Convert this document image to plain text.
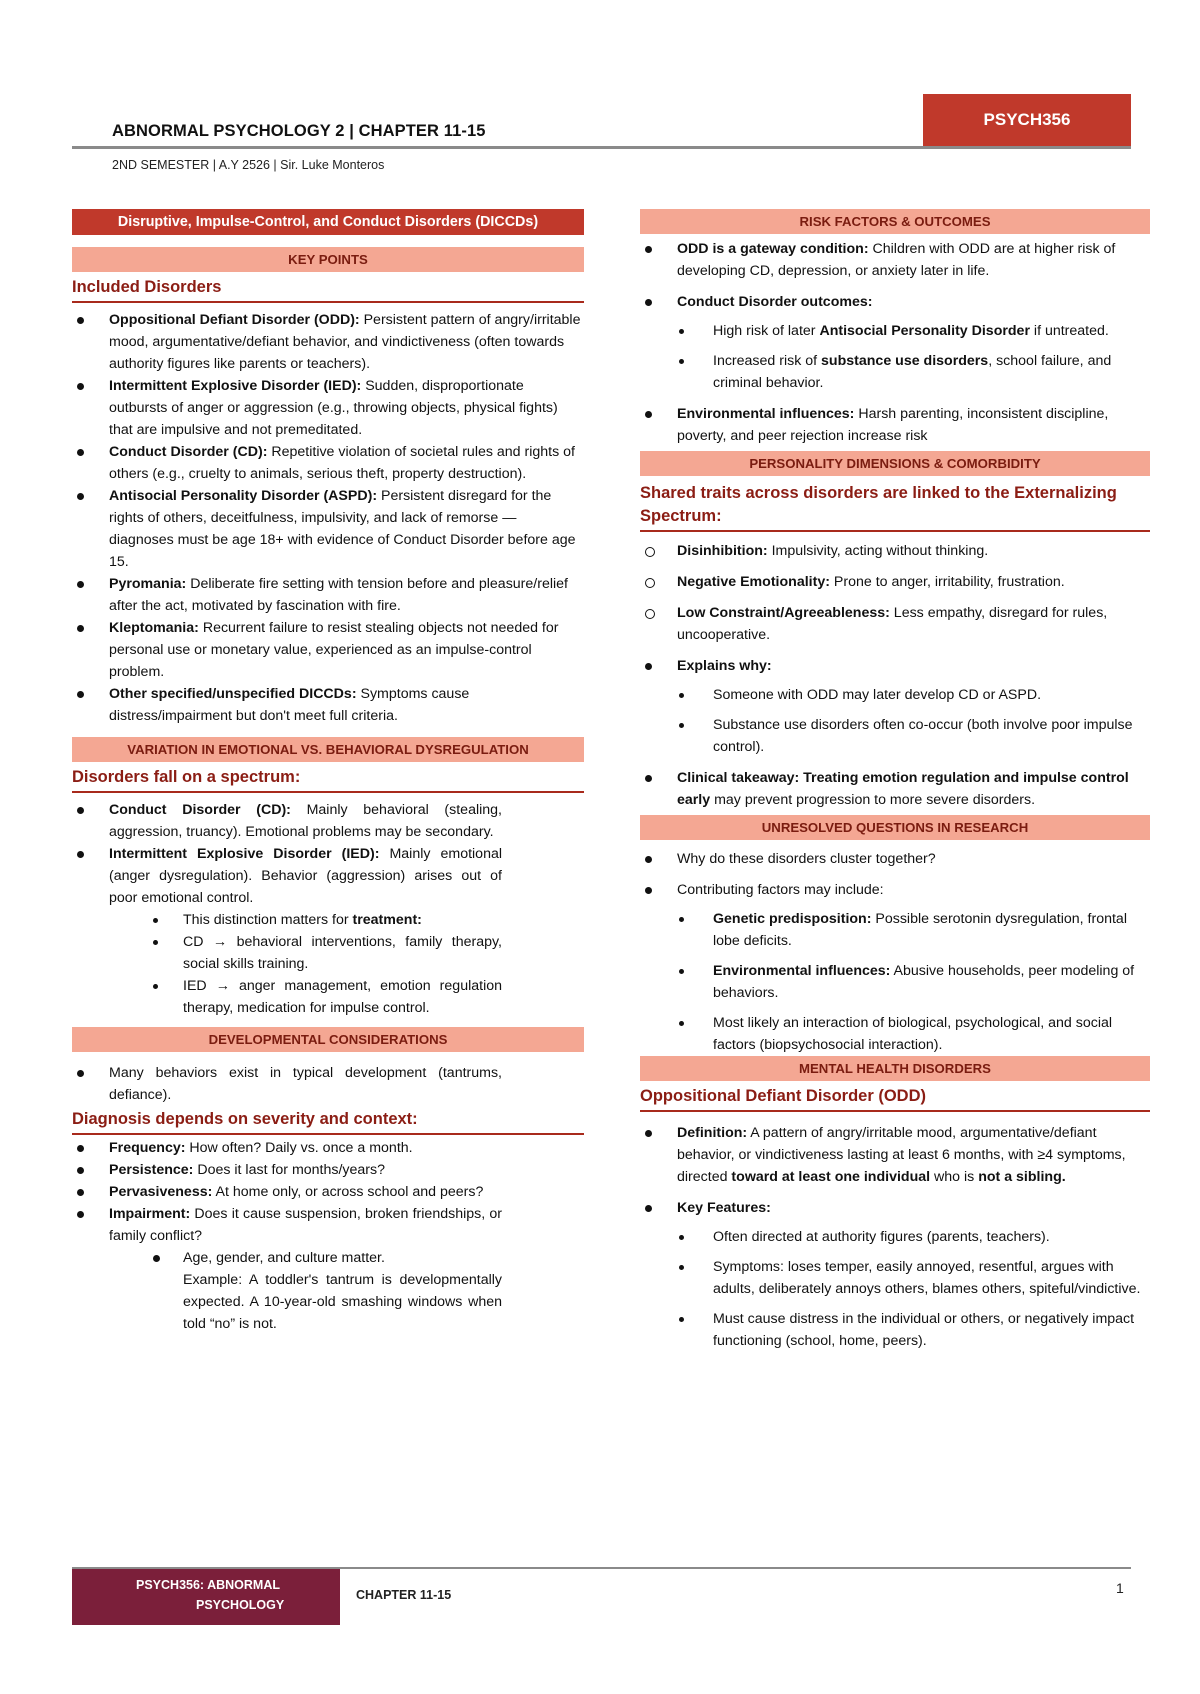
PSYCH356
ABNORMAL PSYCHOLOGY 2 | CHAPTER 11-15
2ND SEMESTER | A.Y 2526 | Sir. Luke Monteros
Disruptive, Impulse-Control, and Conduct Disorders (DICCDs)
KEY POINTS
Included Disorders
Oppositional Defiant Disorder (ODD): Persistent pattern of angry/irritable mood, argumentative/defiant behavior, and vindictiveness (often towards authority figures like parents or teachers).
Intermittent Explosive Disorder (IED): Sudden, disproportionate outbursts of anger or aggression (e.g., throwing objects, physical fights) that are impulsive and not premeditated.
Conduct Disorder (CD): Repetitive violation of societal rules and rights of others (e.g., cruelty to animals, serious theft, property destruction).
Antisocial Personality Disorder (ASPD): Persistent disregard for the rights of others, deceitfulness, impulsivity, and lack of remorse — diagnoses must be age 18+ with evidence of Conduct Disorder before age 15.
Pyromania: Deliberate fire setting with tension before and pleasure/relief after the act, motivated by fascination with fire.
Kleptomania: Recurrent failure to resist stealing objects not needed for personal use or monetary value, experienced as an impulse-control problem.
Other specified/unspecified DICCDs: Symptoms cause distress/impairment but don't meet full criteria.
VARIATION IN EMOTIONAL VS. BEHAVIORAL DYSREGULATION
Disorders fall on a spectrum:
Conduct Disorder (CD): Mainly behavioral (stealing, aggression, truancy). Emotional problems may be secondary.
Intermittent Explosive Disorder (IED): Mainly emotional (anger dysregulation). Behavior (aggression) arises out of poor emotional control.
This distinction matters for treatment:
CD → behavioral interventions, family therapy, social skills training.
IED → anger management, emotion regulation therapy, medication for impulse control.
DEVELOPMENTAL CONSIDERATIONS
Many behaviors exist in typical development (tantrums, defiance).
Diagnosis depends on severity and context:
Frequency: How often? Daily vs. once a month.
Persistence: Does it last for months/years?
Pervasiveness: At home only, or across school and peers?
Impairment: Does it cause suspension, broken friendships, or family conflict?
Age, gender, and culture matter.
Example: A toddler's tantrum is developmentally expected. A 10-year-old smashing windows when told “no” is not.
RISK FACTORS & OUTCOMES
ODD is a gateway condition: Children with ODD are at higher risk of developing CD, depression, or anxiety later in life.
Conduct Disorder outcomes:
High risk of later Antisocial Personality Disorder if untreated.
Increased risk of substance use disorders, school failure, and criminal behavior.
Environmental influences: Harsh parenting, inconsistent discipline, poverty, and peer rejection increase risk
PERSONALITY DIMENSIONS & COMORBIDITY
Shared traits across disorders are linked to the Externalizing Spectrum:
Disinhibition: Impulsivity, acting without thinking.
Negative Emotionality: Prone to anger, irritability, frustration.
Low Constraint/Agreeableness: Less empathy, disregard for rules, uncooperative.
Explains why:
Someone with ODD may later develop CD or ASPD.
Substance use disorders often co-occur (both involve poor impulse control).
Clinical takeaway: Treating emotion regulation and impulse control early may prevent progression to more severe disorders.
UNRESOLVED QUESTIONS IN RESEARCH
Why do these disorders cluster together?
Contributing factors may include:
Genetic predisposition: Possible serotonin dysregulation, frontal lobe deficits.
Environmental influences: Abusive households, peer modeling of behaviors.
Most likely an interaction of biological, psychological, and social factors (biopsychosocial interaction).
MENTAL HEALTH DISORDERS
Oppositional Defiant Disorder (ODD)
Definition: A pattern of angry/irritable mood, argumentative/defiant behavior, or vindictiveness lasting at least 6 months, with ≥4 symptoms, directed toward at least one individual who is not a sibling.
Key Features:
Often directed at authority figures (parents, teachers).
Symptoms: loses temper, easily annoyed, resentful, argues with adults, deliberately annoys others, blames others, spiteful/vindictive.
Must cause distress in the individual or others, or negatively impact functioning (school, home, peers).
PSYCH356: ABNORMAL
PSYCHOLOGY
CHAPTER 11-15	1
